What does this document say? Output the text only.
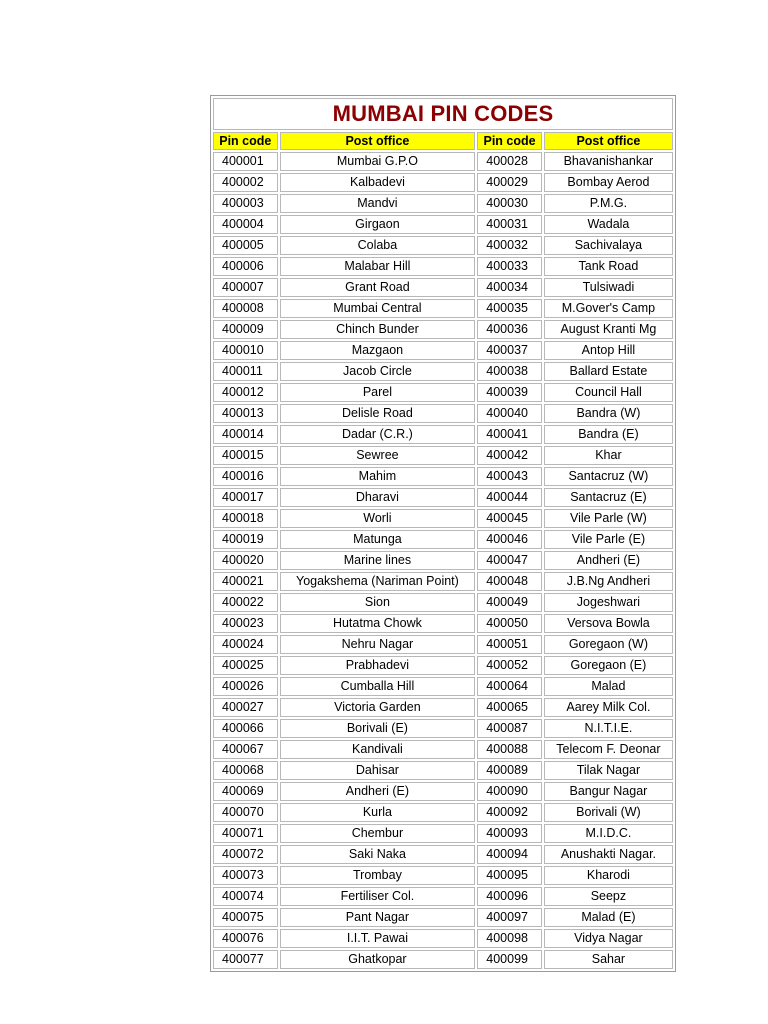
MUMBAI PIN CODES			
Pin code	Post office	Pin code	Post office
400001	Mumbai G.P.O	400028	Bhavanishankar
400002	Kalbadevi	400029	Bombay Aerod
400003	Mandvi	400030	P.M.G.
400004	Girgaon	400031	Wadala
400005	Colaba	400032	Sachivalaya
400006	Malabar Hill	400033	Tank Road
400007	Grant Road	400034	Tulsiwadi
400008	Mumbai Central	400035	M.Gover's Camp
400009	Chinch Bunder	400036	August Kranti Mg
400010	Mazgaon	400037	Antop Hill
400011	Jacob Circle	400038	Ballard Estate
400012	Parel	400039	Council Hall
400013	Delisle Road	400040	Bandra (W)
400014	Dadar (C.R.)	400041	Bandra (E)
400015	Sewree	400042	Khar
400016	Mahim	400043	Santacruz (W)
400017	Dharavi	400044	Santacruz (E)
400018	Worli	400045	Vile Parle (W)
400019	Matunga	400046	Vile Parle (E)
400020	Marine lines	400047	Andheri (E)
400021	Yogakshema (Nariman Point)	400048	J.B.Ng Andheri
400022	Sion	400049	Jogeshwari
400023	Hutatma Chowk	400050	Versova Bowla
400024	Nehru Nagar	400051	Goregaon (W)
400025	Prabhadevi	400052	Goregaon (E)
400026	Cumballa Hill	400064	Malad
400027	Victoria Garden	400065	Aarey Milk Col.
400066	Borivali (E)	400087	N.I.T.I.E.
400067	Kandivali	400088	Telecom F. Deonar
400068	Dahisar	400089	Tilak Nagar
400069	Andheri (E)	400090	Bangur Nagar
400070	Kurla	400092	Borivali (W)
400071	Chembur	400093	M.I.D.C.
400072	Saki Naka	400094	Anushakti Nagar.
400073	Trombay	400095	Kharodi
400074	Fertiliser Col.	400096	Seepz
400075	Pant Nagar	400097	Malad (E)
400076	I.I.T. Pawai	400098	Vidya Nagar
400077	Ghatkopar	400099	Sahar
